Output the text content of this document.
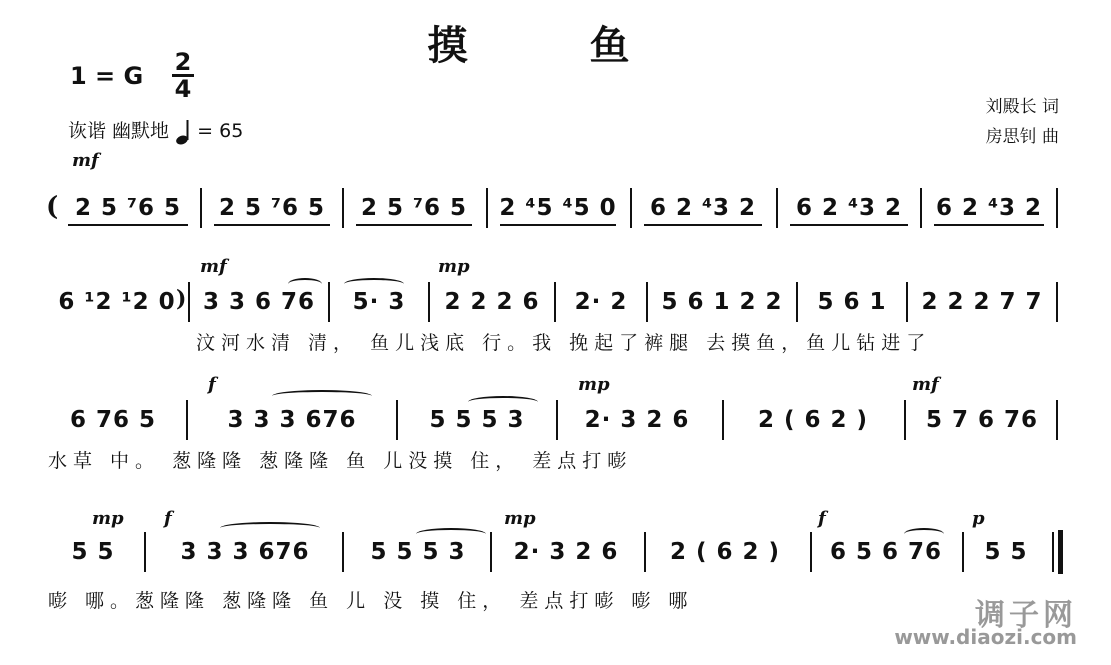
摸 鱼
1 = G 2
4
诙谐 幽默地 = 65
刘殿长 词
房思钊 曲
mf
( 2 5 ⁷6 5	2 5 ⁷6 5	2 5 ⁷6 5	2 ⁴5 ⁴5 0	6 2 ⁴3 2	6 2 ⁴3 2	6 2 ⁴3 2
mf	mp
6 ¹2 ¹2 0 ) 3 3 6 76	5· 3	2 2 2 6	2· 2	5 6 1 2 2	5 6 1	2 2 2 7 7
汶河水清 清， 鱼儿浅底 行。我 挽起了裤腿 去摸鱼，鱼儿钻进了
f	mp	mf
6 76 5	3 3 3 676	5 5 5 3	2· 3 2 6	2 ( 6 2 )	5 7 6 76
水草 中。 葱隆隆 葱隆隆 鱼 儿没摸 住， 差点打嘭
mp f	mp	f	p
5 5	3 3 3 676	5 5 5 3	2· 3 2 6	2 ( 6 2 )	6 5 6 76	5 5
嘭 哪。葱隆隆 葱隆隆 鱼 儿 没 摸 住， 差点打嘭 嘭 哪	调子网
www.diaozi.com
